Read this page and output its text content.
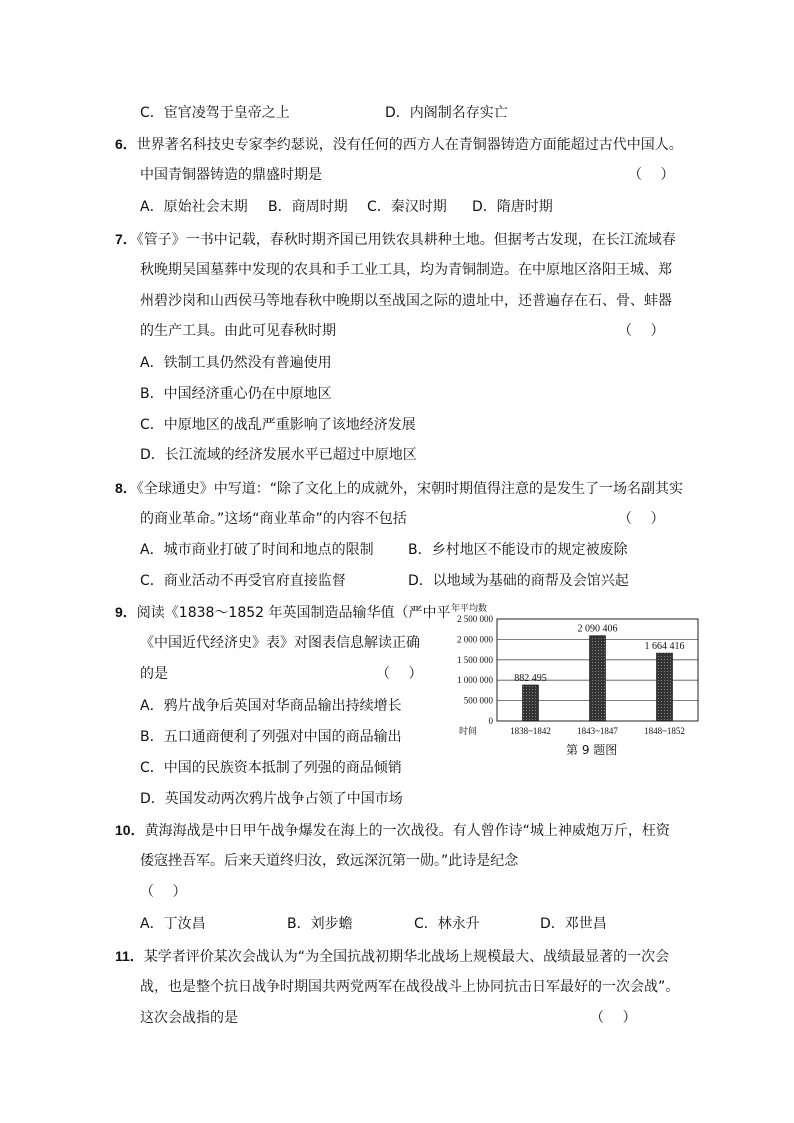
C．宦官凌驾于皇帝之上	D．内阁制名存实亡
6．世界著名科技史专家李约瑟说，没有任何的西方人在青铜器铸造方面能超过古代中国人。
中国青铜器铸造的鼎盛时期是	（　 ）
A．原始社会末期 B．商周时期 C．秦汉时期 D．隋唐时期
7．《管子》一书中记载，春秋时期齐国已用铁农具耕种土地。但据考古发现，在长江流域春
秋晚期吴国墓葬中发现的农具和手工业工具，均为青铜制造。在中原地区洛阳王城、郑
州碧沙岗和山西侯马等地春秋中晚期以至战国之际的遗址中，还普遍存在石、骨、蚌器
的生产工具。由此可见春秋时期	（　 ）
A．铁制工具仍然没有普遍使用
B．中国经济重心仍在中原地区
C．中原地区的战乱严重影响了该地经济发展
D．长江流域的经济发展水平已超过中原地区
8．《全球通史》中写道：“除了文化上的成就外，宋朝时期值得注意的是发生了一场名副其实
的商业革命。”这场“商业革命”的内容不包括	（　 ）
A．城市商业打破了时间和地点的限制 B．乡村地区不能设市的规定被废除
C．商业活动不再受官府直接监督	D．以地域为基础的商帮及会馆兴起
9．阅读《1838～1852 年英国制造品输华值（严中平
《中国近代经济史》表》对图表信息解读正确
的是	（　 ）
A．鸦片战争后英国对华商品输出持续增长
B．五口通商便利了列强对中国的商品输出
C．中国的民族资本抵制了列强的商品倾销
D．英国发动两次鸦片战争占领了中国市场
年平均数
0
500 000
1 000 000
1 500 000
2 000 000
2 500 000
882 495
1838~1842
2 090 406
1843~1847
1 664 416
1848~1852
时间
第 9 题图
10．黄海海战是中日甲午战争爆发在海上的一次战役。有人曾作诗“城上神威炮万斤，枉资
倭寇挫吾军。后来天道终归汝，致远深沉第一勋。”此诗是纪念
（　 ）
A．丁汝昌	B．刘步蟾	C．林永升	D．邓世昌
11．某学者评价某次会战认为“为全国抗战初期华北战场上规模最大、战绩最显著的一次会
战，也是整个抗日战争时期国共两党两军在战役战斗上协同抗击日军最好的一次会战”。
这次会战指的是	（　 ）
